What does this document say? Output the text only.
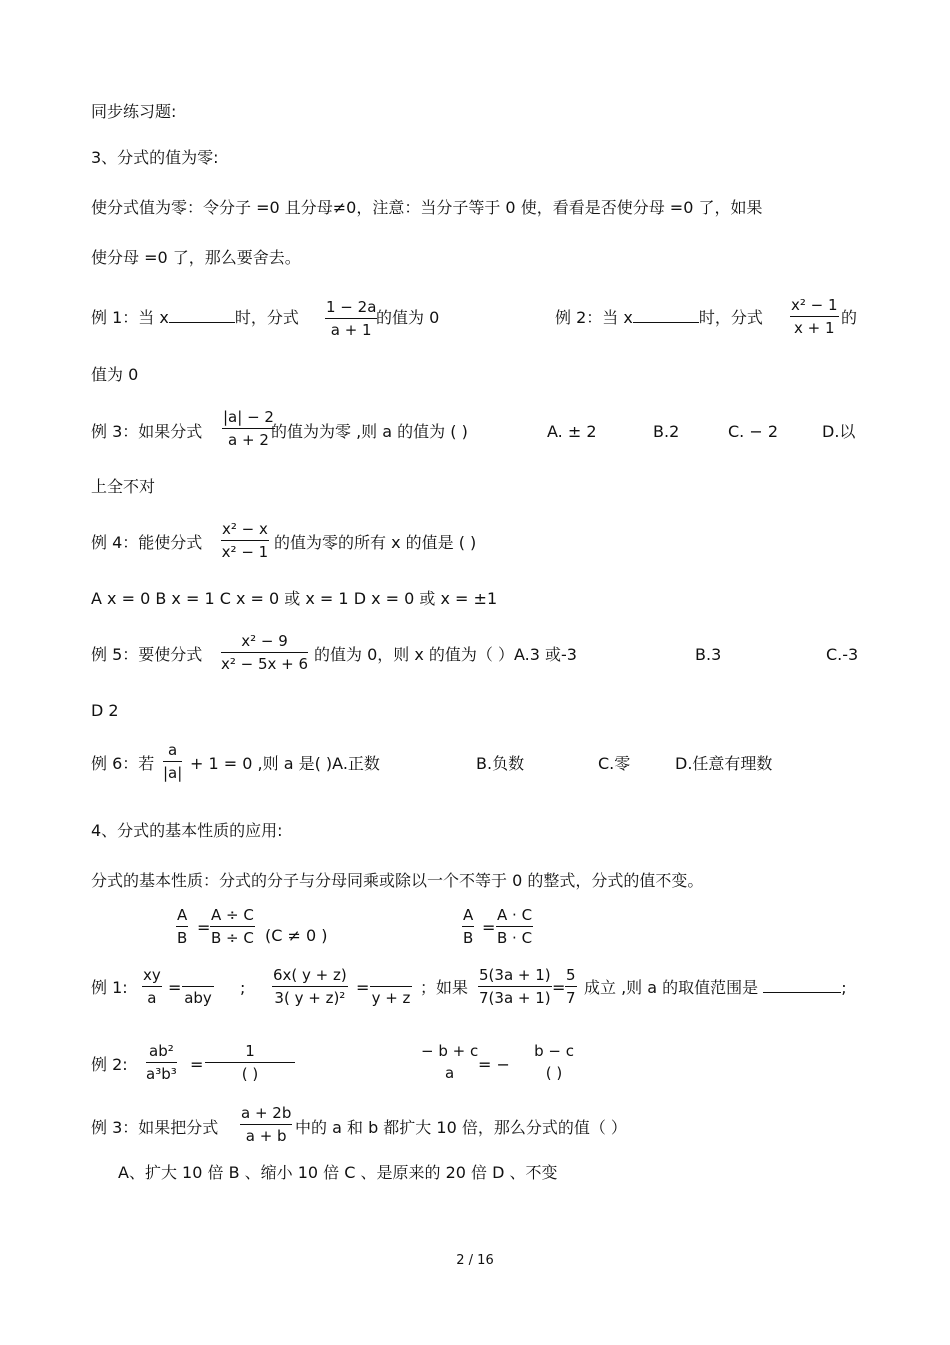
同步练习题:
3、分式的值为零:
使分式值为零：令分子 =0 且分母≠0，注意：当分子等于 0 使，看看是否使分母 =0 了，如果
使分母 =0 了，那么要舍去。
例 1：当 x	时，分式 $\frac{1 - 2a}{a + 1}$
的值为 0	例 2：当 x	时，分式 $\frac{\text{x² − 1}}{x + 1}$ 的
值为 0
例 3：如果分式 $\frac{|a| - 2}{a + 2}$
的值为为零 ,则 a 的值为 ( )	A. ± 2	B.2	C. − 2	D.以
上全不对
例 4：能使分式 $\frac{\text{x² − x}}{\text{x² − 1}}$ 的值为零的所有 x 的值是 ( )
A x = 0 B x = 1 C x = 0 或 x = 1 D x = 0 或 x = ±1
例 5：要使分式 $\frac{\text{x² − 9}}{\text{x² − 5x + 6}}$ 的值为 0，则 x 的值为（ ）A.3 或-3	B.3	C.-3
D 2
例 6：若 $\frac{a}{|a|} + 1 = 0$ ,则 a 是( )A.正数	B.负数	C.零	D.任意有理数
4、分式的基本性质的应用:
分式的基本性质：分式的分子与分母同乘或除以一个不等于 0 的整式，分式的值不变。
$\frac{A}{B} = \frac{A \div C}{B \div C} (C \ne 0$ )	$\frac{A}{B} = \frac{A \cdot C}{B \cdot C}$
例 1: $\frac{xy}{a}$ =

aby
; $\frac{6x( y + z)}{\text{3( y + z)²}}$ =

y + z
；如果 $\frac{5(3a + 1)}{7(3a + 1)} = \frac{5}{7}$ 成立 ,则 a 的取值范围是	;
例 2: $\frac{\text{ab²}}{\text{a³b³}}$ =
1
( )
− b + c
a	= −
b − c
( )
例 3：如果把分式 $\frac{a + 2b}{a + b}$ 中的 a 和 b 都扩大 10 倍，那么分式的值（ ）
A、扩大 10 倍 B 、缩小 10 倍 C 、是原来的 20 倍 D 、不变
2 / 16
